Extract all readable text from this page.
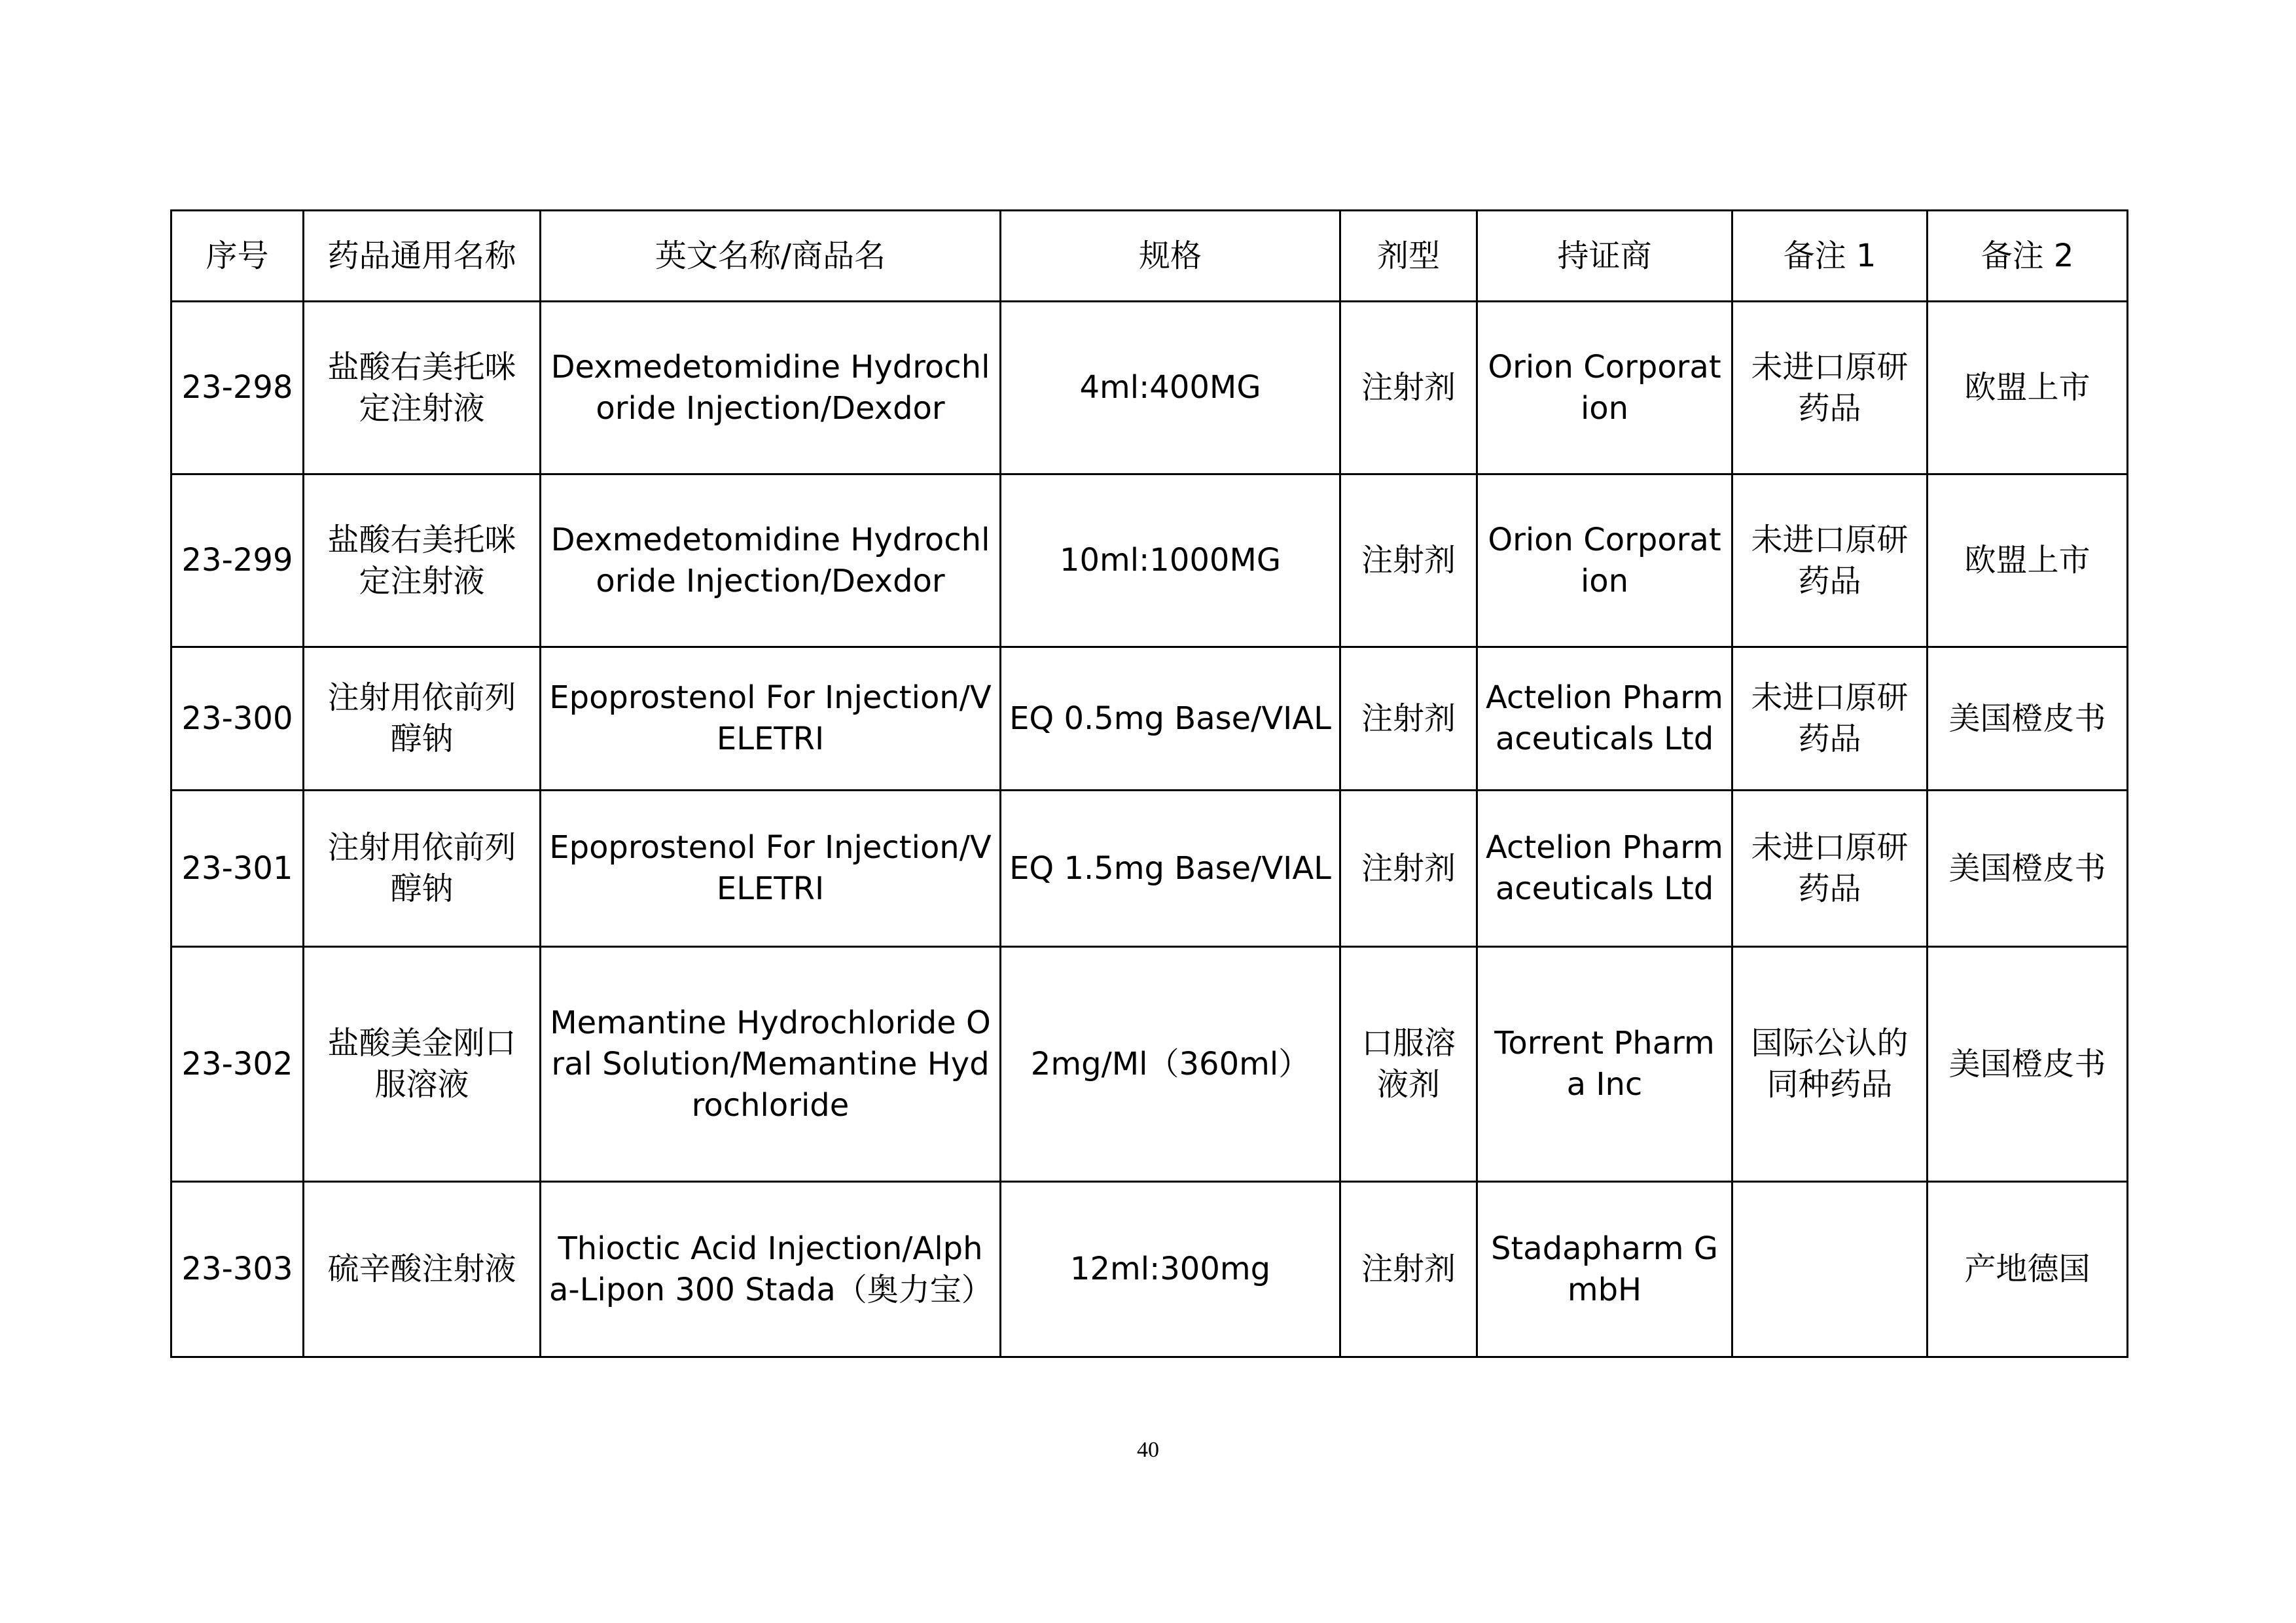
序号	药品通用名称	英文名称/商品名	规格	剂型	持证商	备注 1	备注 2
23-298	盐酸右美托咪定注射液	Dexmedetomidine Hydrochloride Injection/Dexdor	4ml:400MG	注射剂	Orion Corporation	未进口原研药品	欧盟上市
23-299	盐酸右美托咪定注射液	Dexmedetomidine Hydrochloride Injection/Dexdor	10ml:1000MG	注射剂	Orion Corporation	未进口原研药品	欧盟上市
23-300	注射用依前列醇钠	Epoprostenol For Injection/VELETRI	EQ 0.5mg Base/VIAL	注射剂	Actelion Pharmaceuticals Ltd	未进口原研药品	美国橙皮书
23-301	注射用依前列醇钠	Epoprostenol For Injection/VELETRI	EQ 1.5mg Base/VIAL	注射剂	Actelion Pharmaceuticals Ltd	未进口原研药品	美国橙皮书
23-302	盐酸美金刚口服溶液	Memantine Hydrochloride Oral Solution/Memantine Hydrochloride	2mg/Ml（360ml）	口服溶液剂	Torrent Pharma Inc	国际公认的同种药品	美国橙皮书
23-303	硫辛酸注射液	Thioctic Acid Injection/Alpha-Lipon 300 Stada（奥力宝）	12ml:300mg	注射剂	Stadapharm GmbH		产地德国
40
